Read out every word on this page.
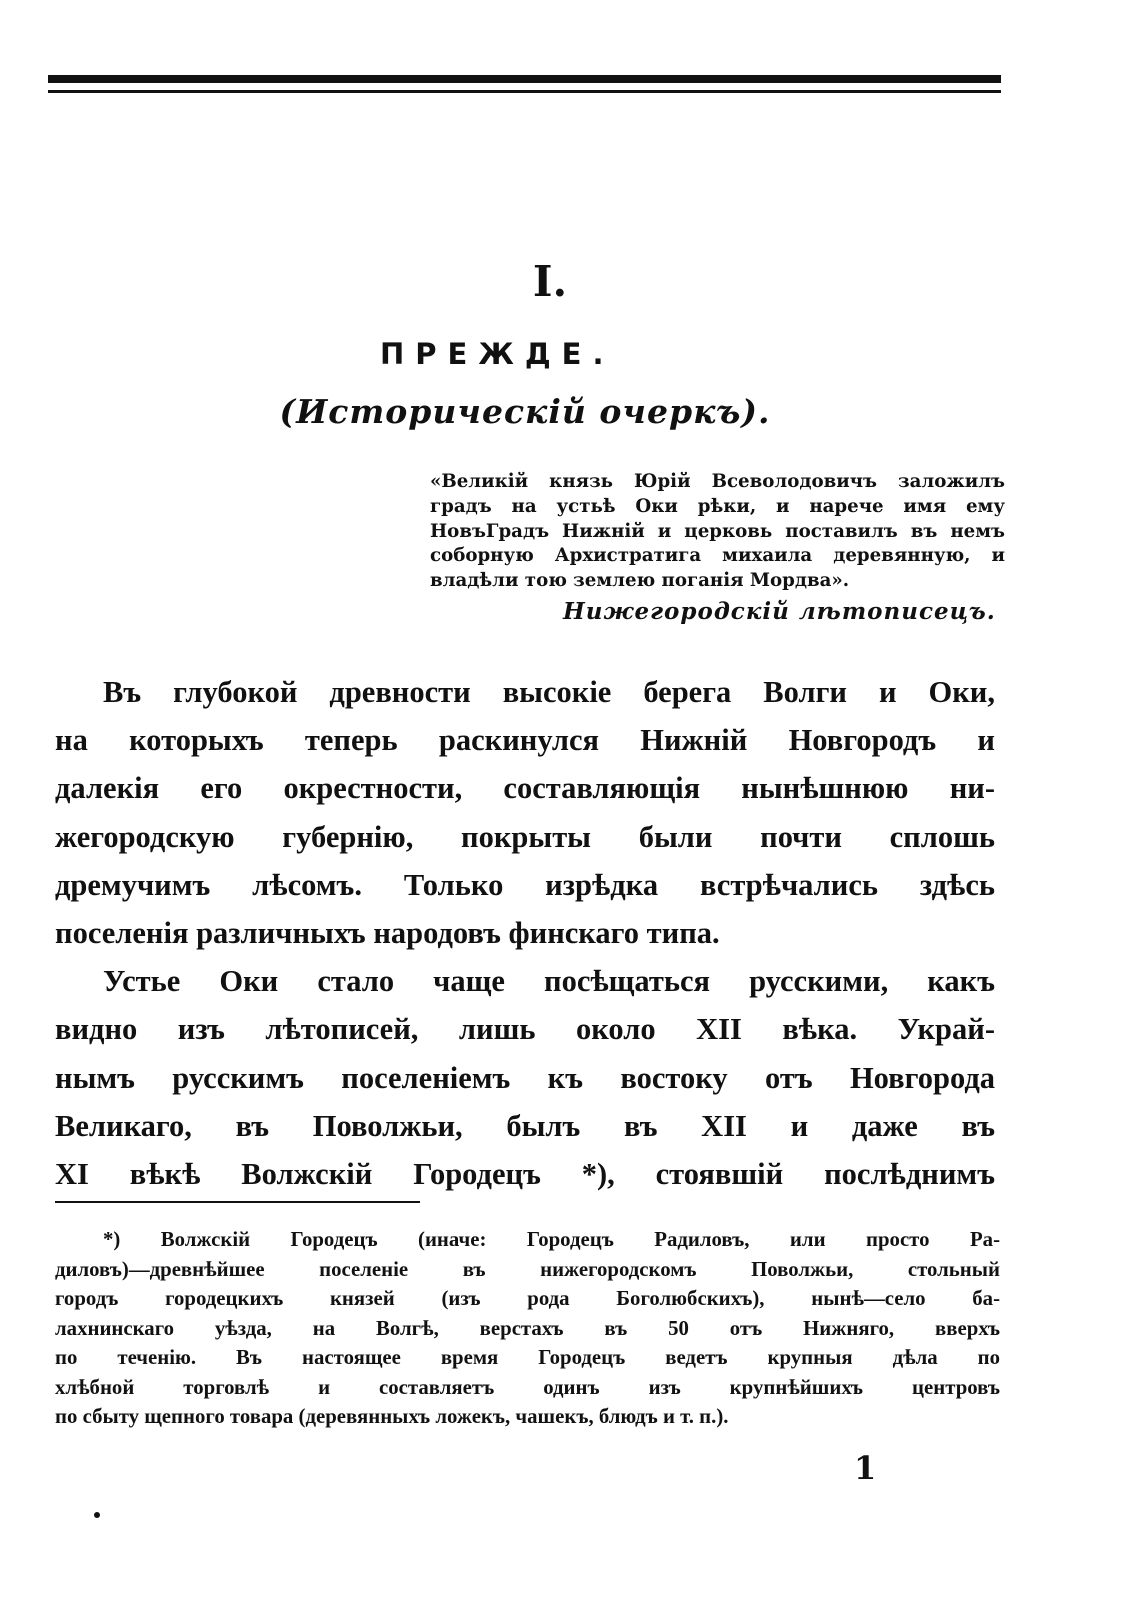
I.
ПРЕЖДЕ.
(Историческій очеркъ).
«Великій князь Юрій Всеволодовичъ заложилъ
градъ на устьѣ Оки рѣки, и нарече имя ему
НовъГрадъ Нижній и церковь поставилъ въ немъ
соборную Архистратига михаила деревянную, и
владѣли тою землею поганія Мордва».
Нижегородскій лѣтописецъ.
Въ глубокой древности высокіе берега Волги и Оки,
на которыхъ теперь раскинулся Нижній Новгородъ и
далекія его окрестности, составляющія нынѣшнюю ни-
жегородскую губернію, покрыты были почти сплошь
дремучимъ лѣсомъ. Только изрѣдка встрѣчались здѣсь
поселенія различныхъ народовъ финскаго типа.
Устье Оки стало чаще посѣщаться русскими, какъ
видно изъ лѣтописей, лишь около XII вѣка. Украй-
нымъ русскимъ поселеніемъ къ востоку отъ Новгорода
Великаго, въ Поволжьи, былъ въ XII и даже въ
XI вѣкѣ Волжскій Городецъ *), стоявшій послѣднимъ
*) Волжскій Городецъ (иначе: Городецъ Радиловъ, или просто Ра-
диловъ)—древнѣйшее поселеніе въ нижегородскомъ Поволжьи, стольный
городъ городецкихъ князей (изъ рода Боголюбскихъ), нынѣ—село ба-
лахнинскаго уѣзда, на Волгѣ, верстахъ въ 50 отъ Нижняго, вверхъ
по теченію. Въ настоящее время Городецъ ведетъ крупныя дѣла по
хлѣбной торговлѣ и составляетъ одинъ изъ крупнѣйшихъ центровъ
по сбыту щепного товара (деревянныхъ ложекъ, чашекъ, блюдъ и т. п.).
1
